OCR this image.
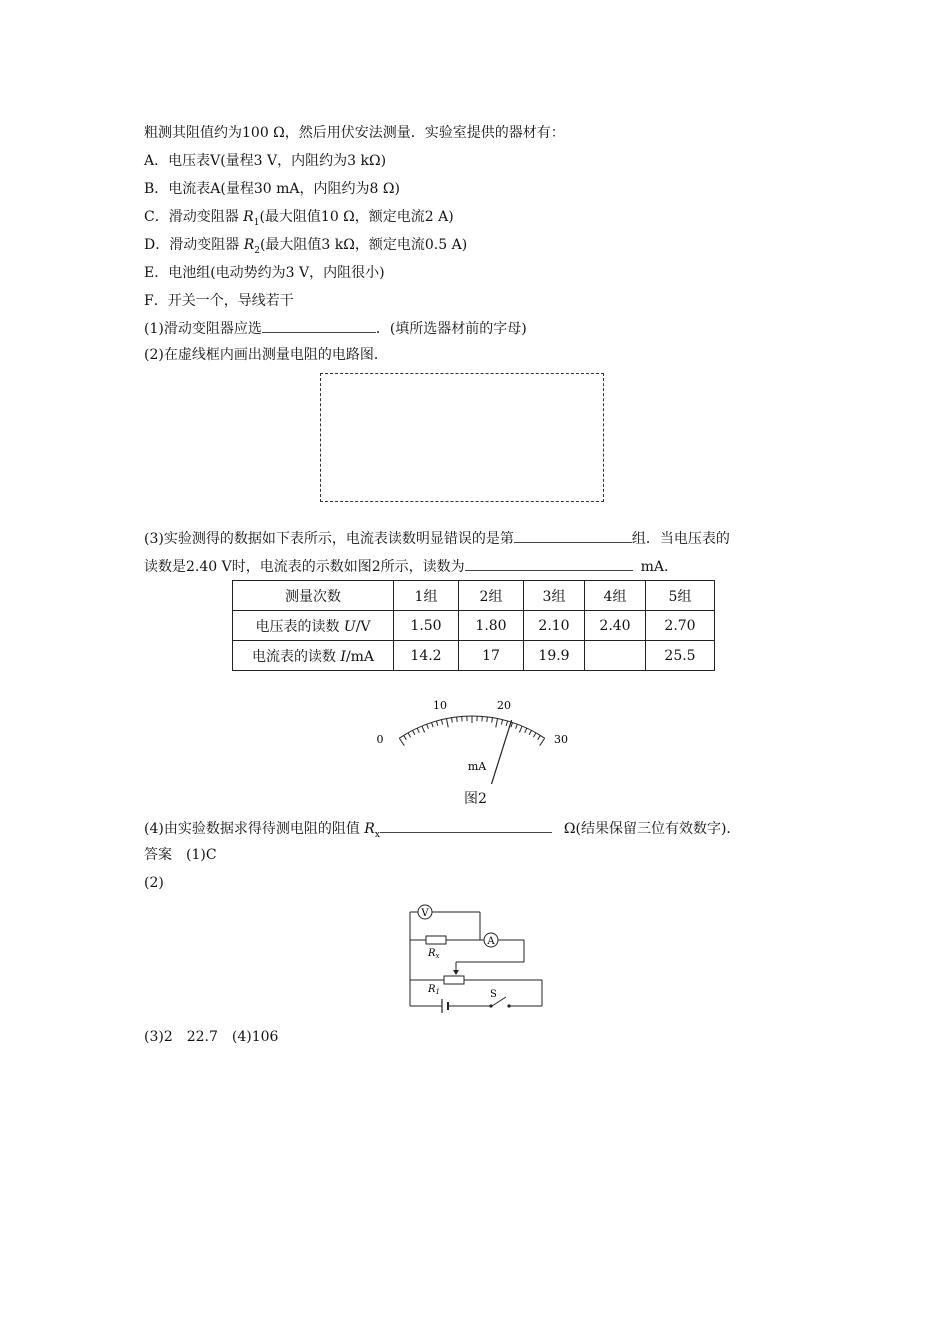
粗测其阻值约为100 Ω，然后用伏安法测量．实验室提供的器材有：
A．电压表V(量程3 V，内阻约为3 kΩ)
B．电流表A(量程30 mA，内阻约为8 Ω)
C．滑动变阻器 $R_1$(最大阻值10 Ω，额定电流2 A)
D．滑动变阻器 $R_2$(最大阻值3 kΩ，额定电流0.5 A)
E．电池组(电动势约为3 V，内阻很小)
F．开关一个，导线若干
(1)滑动变阻器应选	．(填所选器材前的字母)
(2)在虚线框内画出测量电阻的电路图．
(3)实验测得的数据如下表所示，电流表读数明显错误的是第	组．当电压表的
读数是2.40 V时，电流表的示数如图2所示，读数为	mA.
测量次数	1组	2组	3组	4组	5组
电压表的读数 U/V	1.50	1.80	2.10	2.40	2.70
电流表的读数 I/mA	14.2	17	19.9		25.5
0
10	20
30
mA
图2
(4)由实验数据求得待测电阻的阻值 $R_x$	Ω(结果保留三位有效数字)．
答案　 (1)C
(2)
V
A
$R_x$
$R_1$	S
(3)2　22.7　(4)106
